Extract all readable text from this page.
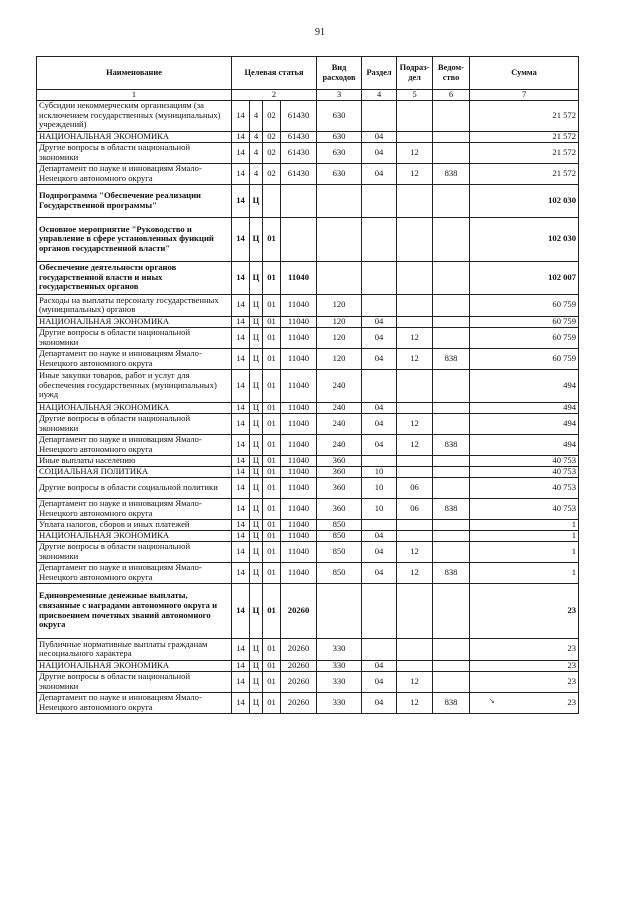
91
Наименование	Целевая статья				Вид расходов	Раздел	Подраз-дел	Ведом-ство	Сумма
1	2				3	4	5	6	7
Субсидии некоммерческим организациям (за исключением государственных (муниципальных) учреждений)	14	4	02	61430	630				21 572
НАЦИОНАЛЬНАЯ ЭКОНОМИКА	14	4	02	61430	630	04			21 572
Другие вопросы в области национальной экономики	14	4	02	61430	630	04	12		21 572
Департамент по науке и инновациям Ямало-Ненецкого автономного округа	14	4	02	61430	630	04	12	838	21 572
Подпрограмма "Обеспечение реализации Государственной программы"	14	Ц							102 030
Основное мероприятие "Руководство и управление в сфере установленных функций органов государственной власти"	14	Ц	01						102 030
Обеспечение деятельности органов государственной власти и иных государственных органов	14	Ц	01	11040					102 007
Расходы на выплаты персоналу государственных (муниципальных) органов	14	Ц	01	11040	120				60 759
НАЦИОНАЛЬНАЯ ЭКОНОМИКА	14	Ц	01	11040	120	04			60 759
Другие вопросы в области национальной экономики	14	Ц	01	11040	120	04	12		60 759
Департамент по науке и инновациям Ямало-Ненецкого автономного округа	14	Ц	01	11040	120	04	12	838	60 759
Иные закупки товаров, работ и услуг для обеспечения государственных (муниципальных) нужд	14	Ц	01	11040	240				494
НАЦИОНАЛЬНАЯ ЭКОНОМИКА	14	Ц	01	11040	240	04			494
Другие вопросы в области национальной экономики	14	Ц	01	11040	240	04	12		494
Департамент по науке и инновациям Ямало-Ненецкого автономного округа	14	Ц	01	11040	240	04	12	838	494
Иные выплаты населению	14	Ц	01	11040	360				40 753
СОЦИАЛЬНАЯ ПОЛИТИКА	14	Ц	01	11040	360	10			40 753
Другие вопросы в области социальной политики	14	Ц	01	11040	360	10	06		40 753
Департамент по науке и инновациям Ямало-Ненецкого автономного округа	14	Ц	01	11040	360	10	06	838	40 753
Уплата налогов, сборов и иных платежей	14	Ц	01	11040	850				1
НАЦИОНАЛЬНАЯ ЭКОНОМИКА	14	Ц	01	11040	850	04			1
Другие вопросы в области национальной экономики	14	Ц	01	11040	850	04	12		1
Департамент по науке и инновациям Ямало-Ненецкого автономного округа	14	Ц	01	11040	850	04	12	838	1
Единовременные денежные выплаты, связанные с наградами автономного округа и присвоением почетных званий автономного округа	14	Ц	01	20260					23
Публичные нормативные выплаты гражданам несоциального характера	14	Ц	01	20260	330				23
НАЦИОНАЛЬНАЯ ЭКОНОМИКА	14	Ц	01	20260	330	04			23
Другие вопросы в области национальной экономики	14	Ц	01	20260	330	04	12		23
Департамент по науке и инновациям Ямало-Ненецкого автономного округа	14	Ц	01	20260	330	04	12	838	23
↘
